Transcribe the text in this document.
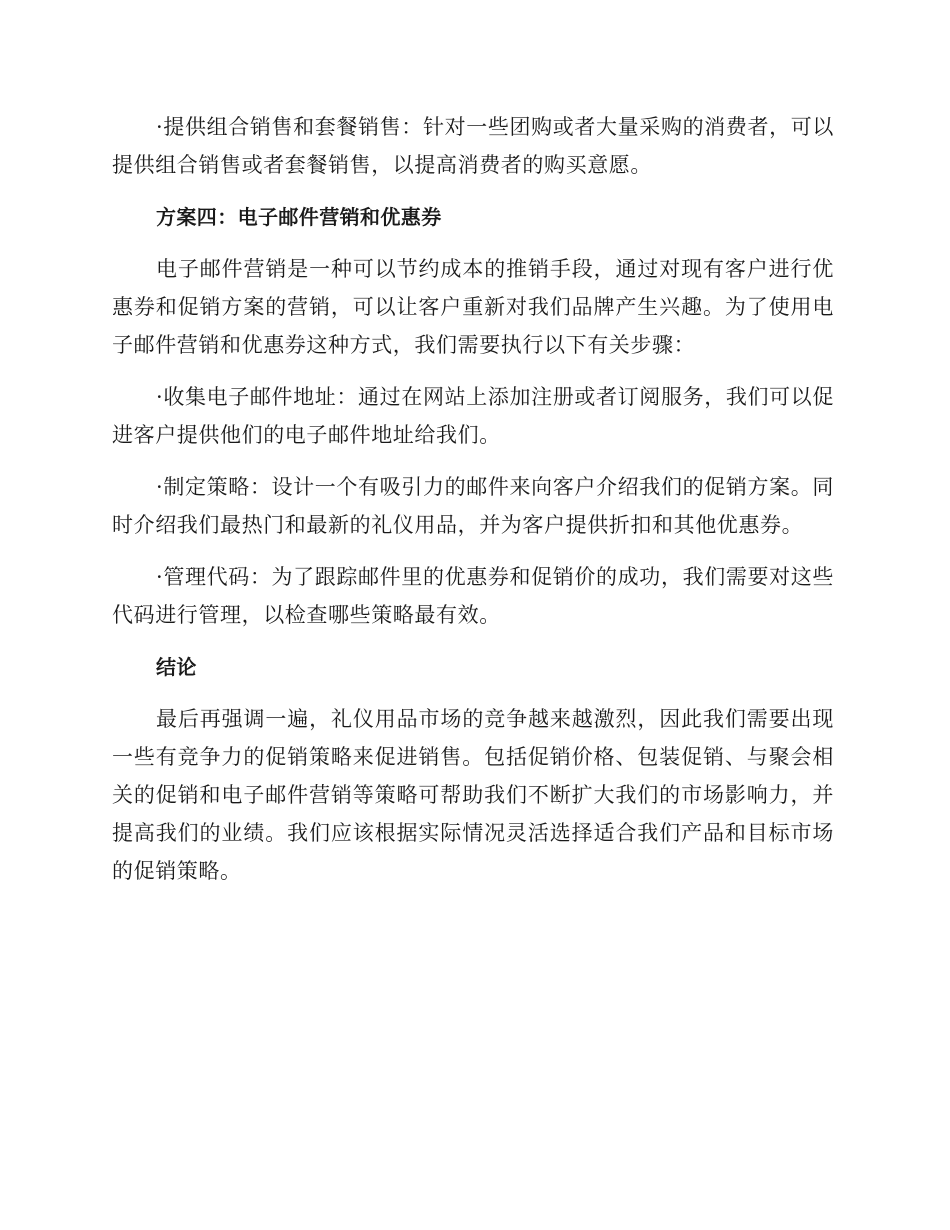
·提供组合销售和套餐销售：针对一些团购或者大量采购的消费者，可以提供组合销售或者套餐销售，以提高消费者的购买意愿。

方案四：电子邮件营销和优惠券

电子邮件营销是一种可以节约成本的推销手段，通过对现有客户进行优惠券和促销方案的营销，可以让客户重新对我们品牌产生兴趣。为了使用电子邮件营销和优惠券这种方式，我们需要执行以下有关步骤：

·收集电子邮件地址：通过在网站上添加注册或者订阅服务，我们可以促进客户提供他们的电子邮件地址给我们。

·制定策略：设计一个有吸引力的邮件来向客户介绍我们的促销方案。同时介绍我们最热门和最新的礼仪用品，并为客户提供折扣和其他优惠券。

·管理代码：为了跟踪邮件里的优惠券和促销价的成功，我们需要对这些代码进行管理，以检查哪些策略最有效。

结论

最后再强调一遍，礼仪用品市场的竞争越来越激烈，因此我们需要出现一些有竞争力的促销策略来促进销售。包括促销价格、包装促销、与聚会相关的促销和电子邮件营销等策略可帮助我们不断扩大我们的市场影响力，并提高我们的业绩。我们应该根据实际情况灵活选择适合我们产品和目标市场的促销策略。
